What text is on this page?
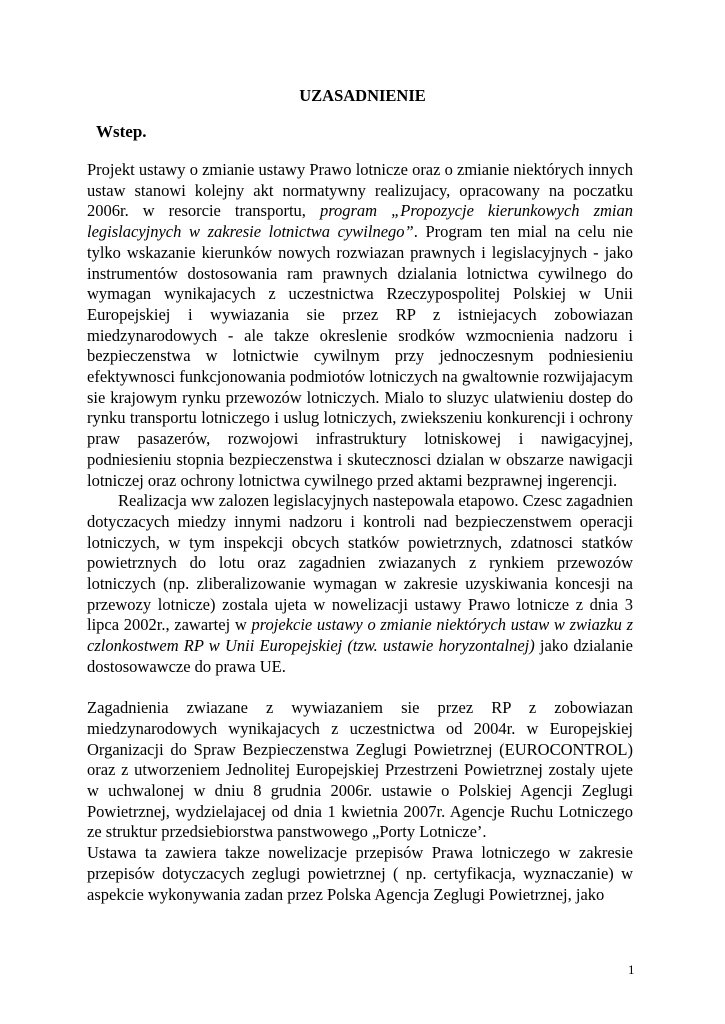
UZASADNIENIE
Wstep.

Projekt ustawy o zmianie ustawy Prawo lotnicze oraz o zmianie niektórych innych ustaw stanowi kolejny akt normatywny realizujacy, opracowany na poczatku 2006r. w resorcie transportu, program „Propozycje kierunkowych zmian legislacyjnych w zakresie lotnictwa cywilnego”. Program ten mial na celu nie tylko wskazanie kierunków nowych rozwiazan prawnych i legislacyjnych - jako instrumentów dostosowania ram prawnych dzialania lotnictwa cywilnego do wymagan wynikajacych z uczestnictwa Rzeczypospolitej Polskiej w Unii Europejskiej i wywiazania sie przez RP z istniejacych zobowiazan miedzynarodowych - ale takze okreslenie srodków wzmocnienia nadzoru i bezpieczenstwa w lotnictwie cywilnym przy jednoczesnym podniesieniu efektywnosci funkcjonowania podmiotów lotniczych na gwaltownie rozwijajacym sie krajowym rynku przewozów lotniczych. Mialo to sluzyc ulatwieniu dostep do rynku transportu lotniczego i uslug lotniczych, zwiekszeniu konkurencji i ochrony praw pasazerów, rozwojowi infrastruktury lotniskowej i nawigacyjnej, podniesieniu stopnia bezpieczenstwa i skutecznosci dzialan w obszarze nawigacji lotniczej oraz ochrony lotnictwa cywilnego przed aktami bezprawnej ingerencji.

Realizacja ww zalozen legislacyjnych nastepowala etapowo. Czesc zagadnien dotyczacych miedzy innymi nadzoru i kontroli nad bezpieczenstwem operacji lotniczych, w tym inspekcji obcych statków powietrznych, zdatnosci statków powietrznych do lotu oraz zagadnien zwiazanych z rynkiem przewozów lotniczych (np. zliberalizowanie wymagan w zakresie uzyskiwania koncesji na przewozy lotnicze) zostala ujeta w nowelizacji ustawy Prawo lotnicze z dnia 3 lipca 2002r., zawartej w projekcie ustawy o zmianie niektórych ustaw w zwiazku z czlonkostwem RP w Unii Europejskiej (tzw. ustawie horyzontalnej) jako dzialanie dostosowawcze do prawa UE.

Zagadnienia zwiazane z wywiazaniem sie przez RP z zobowiazan miedzynarodowych wynikajacych z uczestnictwa od 2004r. w Europejskiej Organizacji do Spraw Bezpieczenstwa Zeglugi Powietrznej (EUROCONTROL) oraz z utworzeniem Jednolitej Europejskiej Przestrzeni Powietrznej zostaly ujete w uchwalonej w dniu 8 grudnia 2006r. ustawie o Polskiej Agencji Zeglugi Powietrznej, wydzielajacej od dnia 1 kwietnia 2007r. Agencje Ruchu Lotniczego ze struktur przedsiebiorstwa panstwowego „Porty Lotnicze’.

Ustawa ta zawiera takze nowelizacje przepisów Prawa lotniczego w zakresie przepisów dotyczacych zeglugi powietrznej ( np. certyfikacja, wyznaczanie) w aspekcie wykonywania zadan przez Polska Agencja Zeglugi Powietrznej, jako

1
